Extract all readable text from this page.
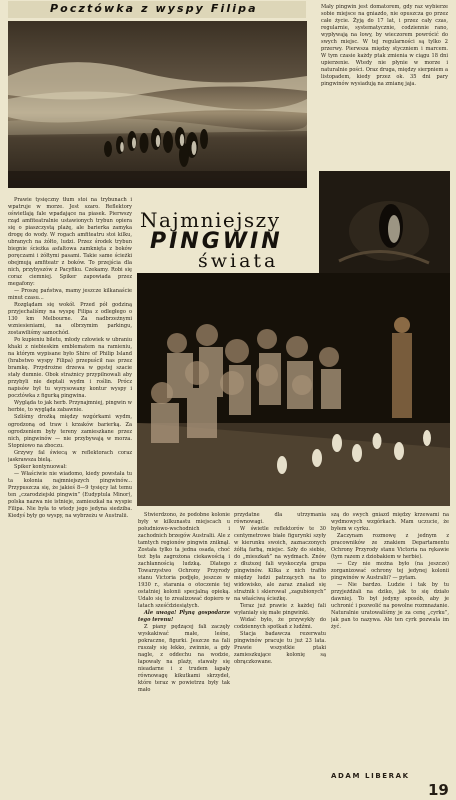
Pocztówka z wyspy Filipa
Najmniejszy
PINGWIN
świata

Mały pingwin jest domatorem, gdy raz wybierze sobie miejsce na gniazdo, nie opuszcza go przez całe życie. Żyją do 17 lat, i przez cały czas, regularnie, systematycznie, codziennie rano, wypływają na łowy, by wieczorem powrócić do swych miejsc. W tej regularności są tylko 2 przerwy. Pierwsza między styczniem i marcem. W tym czasie każdy ptak zmienia w ciągu 18 dni upierzenie. Wtedy nie płynie w morze i naturalnie pości. Oraz druga, między sierpniem a listopadem, kiedy przez ok. 35 dni pary pingwinów wysiadują na zmianę jaja.

Prawie tysięczny tłum stoi na trybunach i wpatruje w morze. Jest szaro. Reflektory oświetlają fale wpadające na piasek. Pierwszy rząd amfiteatralnie ustawionych trybun opiera się o piaszczystą plażę, ale barierka zamyka drogę do wody. W rogach amfiteatru stoi kilku, ubranych na żółto, ludzi. Przez środek trybun biegnie ścieżka asfaltowa zamknięta z boków poręczami i żółtymi pasami. Takie same ścieżki obejmują amfiteatr z boków. To przejścia dla nich, przybyszów z Pacyfiku. Czekamy. Robi się coraz ciemniej. Spiker zapowiada przez megafony:

— Proszę państwa, mamy jeszcze kilkanaście minut czasu...

Rozglądam się wokół. Przed pół godziną przyjechaliśmy na wyspę Filipa z odległego o 130 km Melbourne. Za nadbrzeżnymi wzniesieniami, na olbrzymim parkingu, zostawiliśmy samochód.

Po kupieniu biletu, młody człowiek w ubraniu khaki z niebieskim emblematem na ramieniu, na którym wypisane było Shire of Philip Island (hrabstwo wyspy Filipa) przepuścił nas przez bramkę. Przydrożne drzewa w gęstej szacie stały dumnie. Obok strażnicy przypilnowali aby przybyli nie deptali wydm i roślin. Prócz napisów był tu wyrysowany kontur wyspy i pocztówka z figurką pingwina.

Wygląda to jak herb. Przynajmniej, pingwin w herbie, to wygląda zabawnie.

Szliśmy drożką między wzgórkami wydm, ogrodzoną od traw i krzaków barierką. Za ogrodzeniem były tereny zamieszkane przez nich, pingwinów — nie przybywają w morza. Stopniowo na zboczu.

Grzywy fal świecą w reflektorach coraz jaskrawsza bielą.

Spiker kontynuował:

— Właściwie nie wiadomo, kiedy powstała tu ta kolonia najmniejszych pingwinów... Przypuszcza się, że jakieś 8—9 tysięcy lat temu ten „czarodziejski pingwin” (Eudyptula Minor), polska nazwa nie istnieje, zamieszkał na wyspie Filipa. Nie była to wtedy jego jedyna siedziba. Kiedyś były go wyspy, na wybrzeżu w Australii.	Stwierdzono, że podobne kolonie były w kilkunastu miejscach u południowo-wschodnich i zachodnich brzegów Australii. Ale z tamtych regionów pingwin zniknął. Została tylko ta jedna osada, choć też była zagrożona ciekawością i zachłannością ludzką. Dlatego Towarzystwo Ochrony Przyrody stanu Victoria podjęło, jeszcze w 1930 r., starania o otoczenie tej ostatniej kolonii specjalną opieką. Udało się to zrealizować dopiero w latach sześćdziesiątych.

Ale uwaga! Płyną gospodarze tego terenu!

Z piany pędzącej fali zaczęły wyskakiwać małe, leśne, pokraczne, figurki. Jeszcze na fali ruszały się łekko, zwinnie, a gdy nagle, z oddechu na wodzie, łapowały na plaży, stawały się nieadarne i z trudem łapały równowagę kikutkami skrzydeł, które teraz w powietrzu były tak mało

przydatne dla utrzymania równowagi.

W świetle reflektorów te 30 centymetrowe białe figurynki szyły w kierunku swoich, zaznaczonych żółtą farbą, miejsc. Szły do siebie, do „mieszkań” na wydmach. Znów z dłuższej fali wyskoczyła grupa pingwinów. Kilka z nich trafiło między ludzi patrzących na to widowisko, ale zaraz znalazł się strażnik i skierował „zagubionych” na właściwą ścieżkę.

Teraz już prawie z każdej fali wyłaniały się małe pingwinki.

Widać było, że przywykły do codziennych spotkań z ludźmi.

Stacja badawcza rezerwatu pingwinów pracuje tu już 23 lata. Prawie wszystkie ptaki zamieszkujące kolonię są obrączkowane.

szą do swych gniazd między krzewami na wydmowych wzgórkach. Mam uczucie, że byłem w cyrku.

Zaczynam rozmowę z jednym z pracowników ze znakiem Departamentu Ochrony Przyrody stanu Victoria na rękawie (tym razem z dziobakiem w herbie).

— Czy nie można było (na jeszcze) zorganizować ochrony tej jedynej kolonii pingwinów w Australii? — pytam.

— Nie bardzo. Ludzie i tak by tu przyjeżdżali na dziko, jak to się działo dawniej. To był jedyny sposób, aby je uchronić i pozwolić na powolne rozmnażanie. Naturalnie uratowaliśmy je za cenę „cyrku”, jak pan to nazywa. Ale ten cyrk pozwala im żyć.

ADAM LIBERAK
19
